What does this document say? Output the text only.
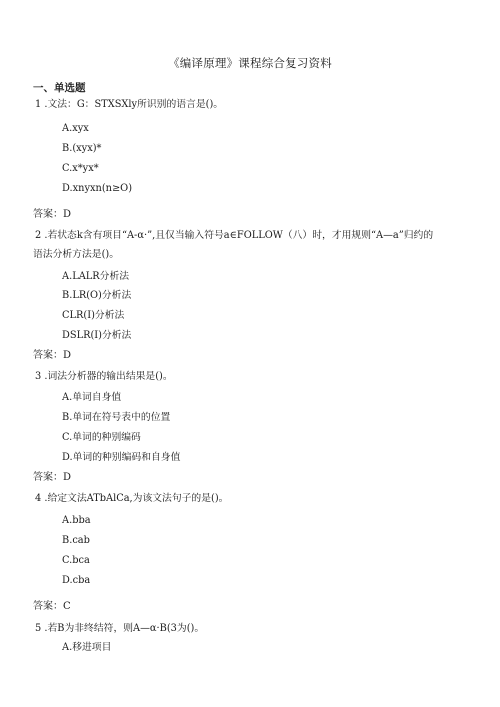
《编译原理》课程综合复习资料
一、单选题
1 .文法：G：STXSXly所识别的语言是()。
A.xyx
B.(xyx)*
C.x*yx*
D.xnyxn(n≥O)
答案：D
2 .若状态k含有项目“A-α·”,且仅当输入符号a∈FOLLOW（八）时，才用规则“A—a”归约的
语法分析方法是()。
A.LALR分析法
B.LR(O)分析法
CLR(I)分析法
DSLR(I)分析法
答案：D
3 .词法分析器的输出结果是()。
A.单词自身值
B.单词在符号表中的位置
C.单词的种别编码
D.单词的种别编码和自身值
答案：D
4 .给定文法ATbAlCa,为该文法句子的是()。
A.bba
B.cab
C.bca
D.cba
答案：C
5 .若B为非终结符，则A—α·B(3为()。
A.移进项目
